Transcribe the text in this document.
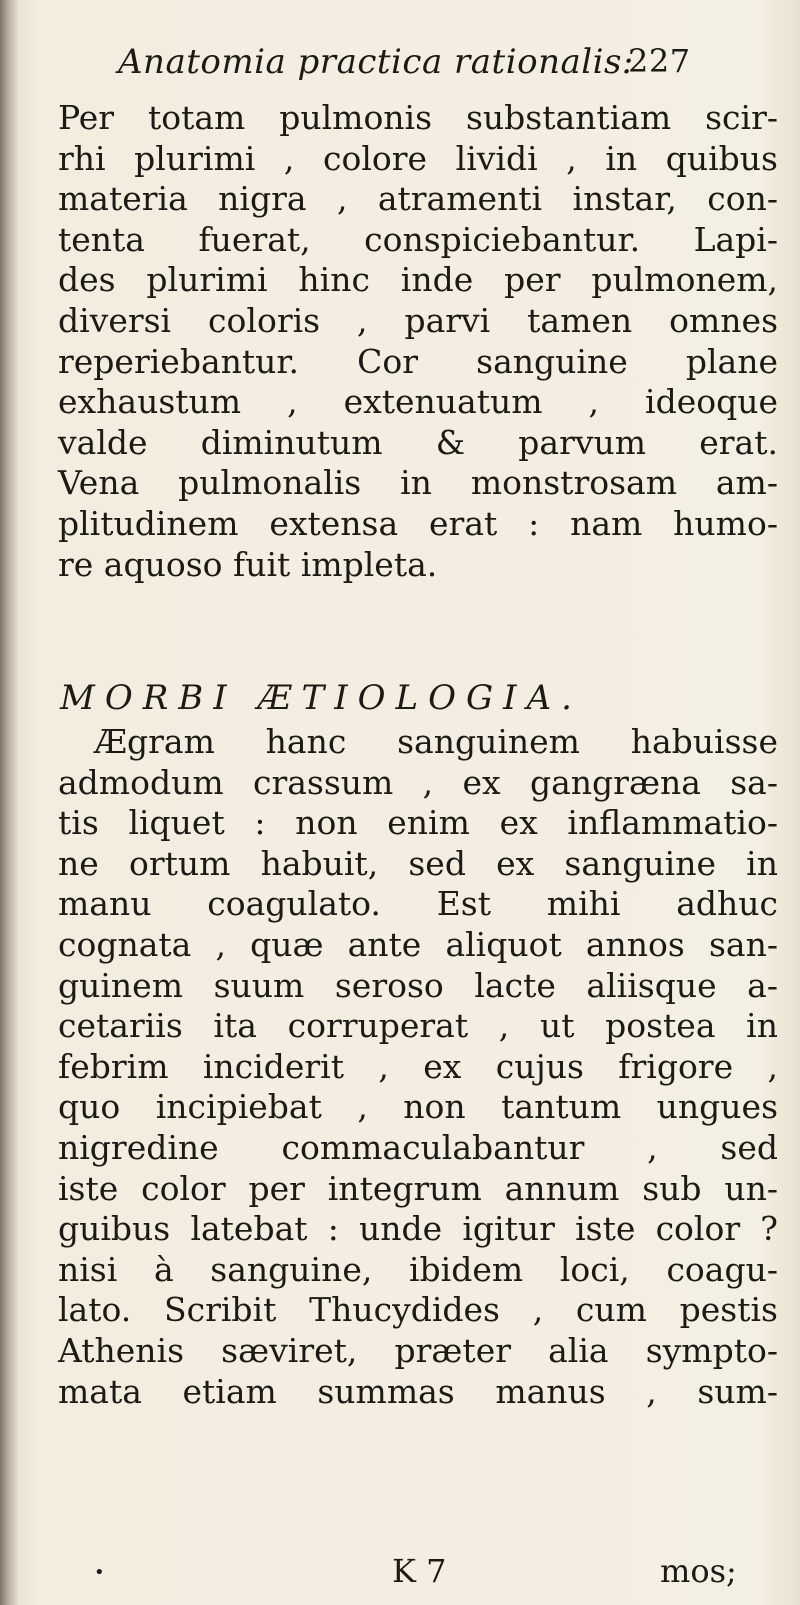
Anatomia practica rationalis:
227
Per totam pulmonis substantiam scir-
rhi plurimi , colore lividi , in quibus
materia nigra , atramenti instar, con-
tenta fuerat, conspiciebantur. Lapi-
des plurimi hinc inde per pulmonem,
diversi coloris , parvi tamen omnes
reperiebantur. Cor sanguine plane
exhaustum , extenuatum , ideoque
valde diminutum & parvum erat.
Vena pulmonalis in monstrosam am-
plitudinem extensa erat : nam humo-
re aquoso fuit impleta.
MORBI ÆTIOLOGIA.
Ægram hanc sanguinem habuisse
admodum crassum , ex gangræna sa-
tis liquet : non enim ex inflammatio-
ne ortum habuit, sed ex sanguine in
manu coagulato. Est mihi adhuc
cognata , quæ ante aliquot annos san-
guinem suum seroso lacte aliisque a-
cetariis ita corruperat , ut postea in
febrim inciderit , ex cujus frigore ,
quo incipiebat , non tantum ungues
nigredine commaculabantur , sed
iste color per integrum annum sub un-
guibus latebat : unde igitur iste color ?
nisi à sanguine, ibidem loci, coagu-
lato. Scribit Thucydides , cum pestis
Athenis sæviret, præter alia sympto-
mata etiam summas manus , sum-
•	K 7	mos;
